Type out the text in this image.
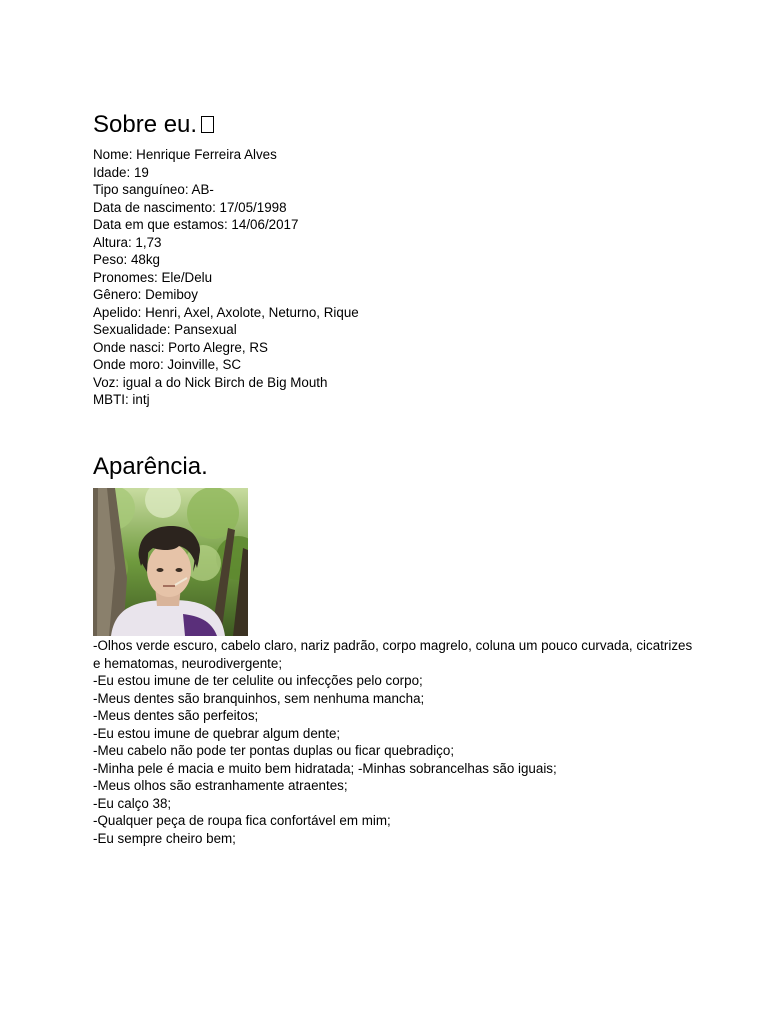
Sobre eu.
Nome: Henrique Ferreira Alves
Idade: 19
Tipo sanguíneo: AB-
Data de nascimento: 17/05/1998
Data em que estamos: 14/06/2017
Altura: 1,73
Peso: 48kg
Pronomes: Ele/Delu
Gênero: Demiboy
Apelido: Henri, Axel, Axolote, Neturno, Rique
Sexualidade: Pansexual
Onde nasci: Porto Alegre, RS
Onde moro: Joinville, SC
Voz: igual a do Nick Birch de Big Mouth
MBTI: intj
Aparência.
-Olhos verde escuro, cabelo claro, nariz padrão, corpo magrelo, coluna um pouco curvada, cicatrizes e hematomas, neurodivergente;
-Eu estou imune de ter celulite ou infecções pelo corpo;
-Meus dentes são branquinhos, sem nenhuma mancha;
-Meus dentes são perfeitos;
-Eu estou imune de quebrar algum dente;
-Meu cabelo não pode ter pontas duplas ou ficar quebradiço;
-Minha pele é macia e muito bem hidratada; -Minhas sobrancelhas são iguais;
-Meus olhos são estranhamente atraentes;
-Eu calço 38;
-Qualquer peça de roupa fica confortável em mim;
-Eu sempre cheiro bem;
